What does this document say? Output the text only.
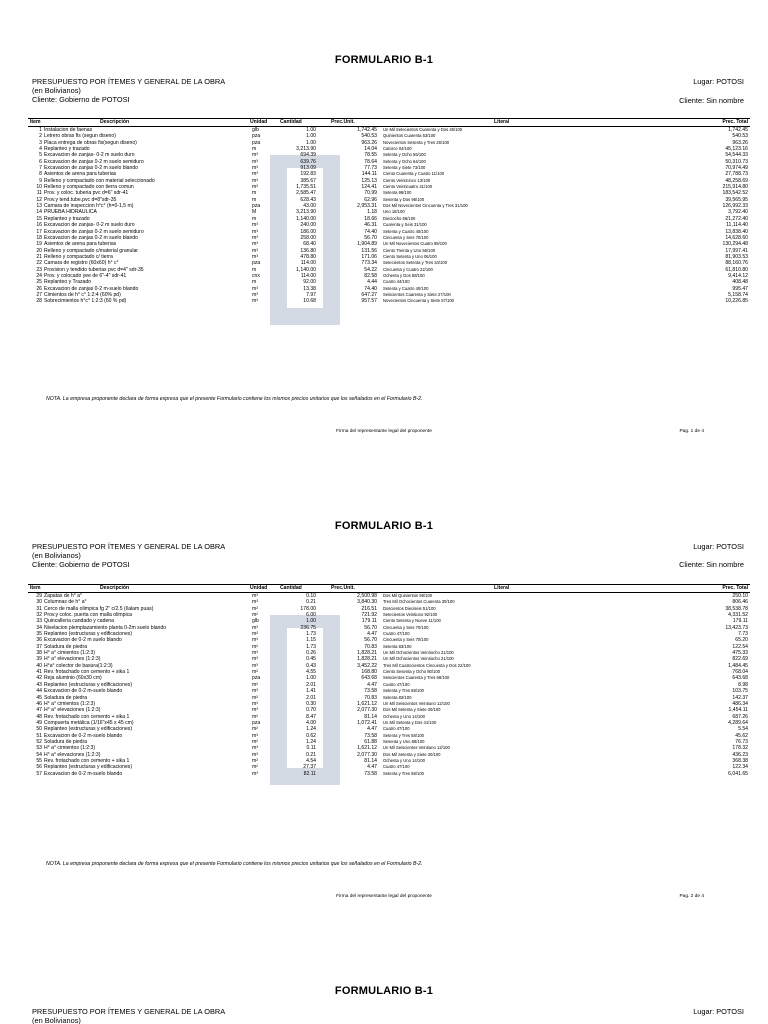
FORMULARIO B-1
PRESUPUESTO POR ÍTEMES Y GENERAL DE LA OBRA
(en Bolivianos)
Cliente: Gobierno de POTOSI
Lugar: POTOSI
Cliente: Sin nombre
Item	Descripción	Unidad Cantidad	Prec.Unit.	Literal	Prec. Total
1 Instalacion de faenas	glb	1.00	1,742.45 Un Mil Setecientos Cuarenta y Dos 45/100	1,742.45
2 Letrero obras fis (segun diseno)	pza	1.00	540.53 Quinientos Cuarenta 53/100	540.53
3 Placa entrega de obras fis(segun diseno)	pza	1.00	963.26 Novecientos Sesenta y Tres 26/100	963.26
4 Replanteo y trazado	m	3,213.90	14.04 Catorce 04/100	45,123.16
5 Excavacion de zanjas- 0-2 m suelo duro	m³	694.39	78.55 Setenta y Ocho 55/100	54,544.33
6 Excavacion de zanjas 0-2 m suelo semiduro	m³	639.76	78.64 Setenta y Ocho 64/100	50,310.73
7 Excavacion de zanjas 0-2 m suelo blando	m³	913.09	77.73 Setenta y Siete 73/100	70,974.49
8 Asientos de arena para tuberias	m³	192.83	144.11 Ciento Cuarenta y Cuatro 11/100	27,788.73
9 Relleno y compactado con material seleccionado	m³	385.67	125.13 Ciento Veinticinco 13/100	48,258.69
10 Relleno y compactado con tierra comun	m³	1,735.51	124.41 Ciento Veinticuatro 41/100	215,914.80
11 Prov. y coloc. tuberia pvc d=6" sdr-41	m	2,585.47	70.99 Setenta 99/100	183,542.52
12 Prov.y tend.tube.pvc d=8"sdr-35	m	628.43	62.96 Sesenta y Dos 96/100	39,565.95
13 Camara de inspeccion h°c° (h=0-1,5 m)	pza	43.00	2,953.31 Dos Mil Novecientos Cincuenta y Tres 31/100	126,992.33
14 PRUEBA HIDRAULICA	M	3,213.90	1.18 Uno 18/100	3,792.40
15 Replanteo y trazado	m	1,140.00	18.66 Dieciocho 66/100	21,272.40
16 Excavacion de zanjas- 0-2 m suelo duro	m³	240.00	46.31 Cuarenta y Seis 31/100	11,114.40
17 Excavacion de zanjas 0-2 m suelo semiduro	m³	186.00	74.40 Setenta y Cuatro 40/100	13,838.40
18 Excavacion de zanjas 0-2 m suelo blando	m³	258.00	56.70 Cincuenta y Seis 70/100	14,628.60
19 Asientos de arena para tuberias	m³	68.40	1,904.89 Un Mil Novecientos Cuatro 89/100	130,294.48
20 Relleno y compactado c/material granular	m³	136.80	131.56 Ciento Treinta y Uno 56/100	17,997.41
21 Relleno y compactado c/ tierra	m³	478.80	171.06 Ciento Setenta y Uno 06/100	81,903.53
22 Camara de registro (60x60) h° c°	pza	114.00	773.34 Setecientos Setenta y Tres 34/100	88,160.76
23 Provision y tendido tuberias pvc d=4" sdr-35	m	1,140.00	54.22 Cincuenta y Cuatro 22/100	61,810.80
24 Prov. y colocado yee de 6"-4" sdr-41	cnx	114.00	82.58 Ochenta y Dos 58/100	9,414.12
25 Replanteo y Trazado	m	92.00	4.44 Cuatro 44/100	408.48
26 Excavacion de zanjas 0-2 m-suelo blando	m³	13.38	74.40 Setenta y Cuatro 40/100	995.47
27 Cimientos de h° c° 1:2:4 (60% pd)	m³	7.97	647.27 Seiscientos Cuarenta y Siete 27/100	5,158.74
28 Sobrecimientos h°c° 1:2:3 (60 % pd)	m³	10.68	957.57 Novecientos Cincuenta y Siete 57/100	10,226.85
NOTA. La empresa proponente declara de forma expresa que el presente Formulario contiene los mismos precios unitarios que los señalados en el Formulario B-2.
Firma del representante legal del proponente	Pag. 1 de 4
FORMULARIO B-1
PRESUPUESTO POR ÍTEMES Y GENERAL DE LA OBRA
(en Bolivianos)
Cliente: Gobierno de POTOSI
Lugar: POTOSI
Cliente: Sin nombre
Item	Descripción	Unidad Cantidad	Prec.Unit.	Literal	Prec. Total
29 Zapatas de h° a°	m³	0.10	2,500.98 Dos Mil Quinientos 98/100	250.10
30 Columnas de h° a°	m³	0.21	3,840.30 Tres Mil Ochocientos Cuarenta 30/100	806.46
31 Cerco de malla olimpica fg 2" c/2.5 (l/alam puas)	m²	178.00	216.51 Doscientos Dieciseis 51/100	38,538.78
32 Prov.y coloc. puerta con malla olimpica	m²	6.00	721.92 Setecientos Veintiuno 92/100	4,331.52
33 Quincalleria candado y cadena	glb	1.00	179.11 Ciento Setenta y Nueve 11/100	179.11
34 Nivelacion plemplazamiento planta 0-2m suelo blando	m³	236.75	56.70 Cincuenta y Seis 70/100	13,423.73
35 Replanteo (estructuras y edificaciones)	m²	1.73	4.47 Cuatro 47/100	7.73
36 Excavacion de 0-2 m suelo blando	m³	1.15	56.70 Cincuenta y Seis 70/100	65.20
37 Soladura de piedra	m²	1.73	70.83 Setenta 83/100	122.54
38 H° a° cimientos (1:2:3)	m³	0.26	1,828.21 Un Mil Ochocientos Veintiocho 21/100	475.33
39 H° a° elevaciones (1:2:3)	m³	0.45	1,828.21 Un Mil Ochocientos Veintiocho 21/100	822.69
40 H°a° colector de basura(1:2:3)	m³	0.43	3,452.22 Tres Mil Cuatrocientos Cincuenta y Dos 22/100	1,484.45
41 Rev. frotachado con cemento + sika 1	m²	4.55	168.80 Ciento Sesenta y Ocho 80/100	768.04
42 Reja aluminio (60x30 cm)	pza	1.00	643.68 Seiscientos Cuarenta y Tres 68/100	643.68
43 Replanteo (estructuras y edificaciones)	m²	2.01	4.47 Cuatro 47/100	8.98
44 Excavacion de 0-2 m-suelo blando	m³	1.41	73.58 Setenta y Tres 58/100	103.75
45 Soladura de piedra	m²	2.01	70.83 Setenta 83/100	142.37
46 H° a° cimientos (1:2:3)	m³	0.30	1,621.12 Un Mil Seiscientos Veintiuno 12/100	486.34
47 H° a° elevaciones (1:2:3)	m³	0.70	2,077.30 Dos Mil Setenta y Siete 30/100	1,454.11
48 Rev. frotachado con cemento + sika 1	m²	8.47	81.14 Ochenta y Uno 14/100	687.26
49 Compuerta metálica (1/16"x45 x 45 cm)	pza	4.00	1,072.41 Un Mil Setenta y Dos 41/100	4,289.64
50 Replanteo (estructuras y edificaciones)	m²	1.24	4.47 Cuatro 47/100	5.54
51 Excavacion de 0-2 m-suelo blando	m³	0.62	73.58 Setenta y Tres 58/100	45.62
52 Soladura de piedra	m²	1.24	61.88 Sesenta y Uno 88/100	76.73
53 H° a° cimientos (1:2:3)	m³	0.11	1,621.12 Un Mil Seiscientos Veintiuno 12/100	178.32
54 H° a° elevaciones (1:2:3)	m³	0.21	2,077.30 Dos Mil Setenta y Siete 30/100	436.23
55 Rev. frotachado con cemento + sika 1	m²	4.54	81.14 Ochenta y Uno 14/100	368.38
56 Replanteo (estructuras y edificaciones)	m²	27.37	4.47 Cuatro 47/100	122.34
57 Excavacion de 0-2 m-suelo blando	m³	82.11	73.58 Setenta y Tres 58/100	6,041.65
NOTA. La empresa proponente declara de forma expresa que el presente Formulario contiene los mismos precios unitarios que los señalados en el Formulario B-2.
Firma del representante legal del proponente	Pag. 2 de 4
FORMULARIO B-1
PRESUPUESTO POR ÍTEMES Y GENERAL DE LA OBRA
(en Bolivianos)
Lugar: POTOSI
